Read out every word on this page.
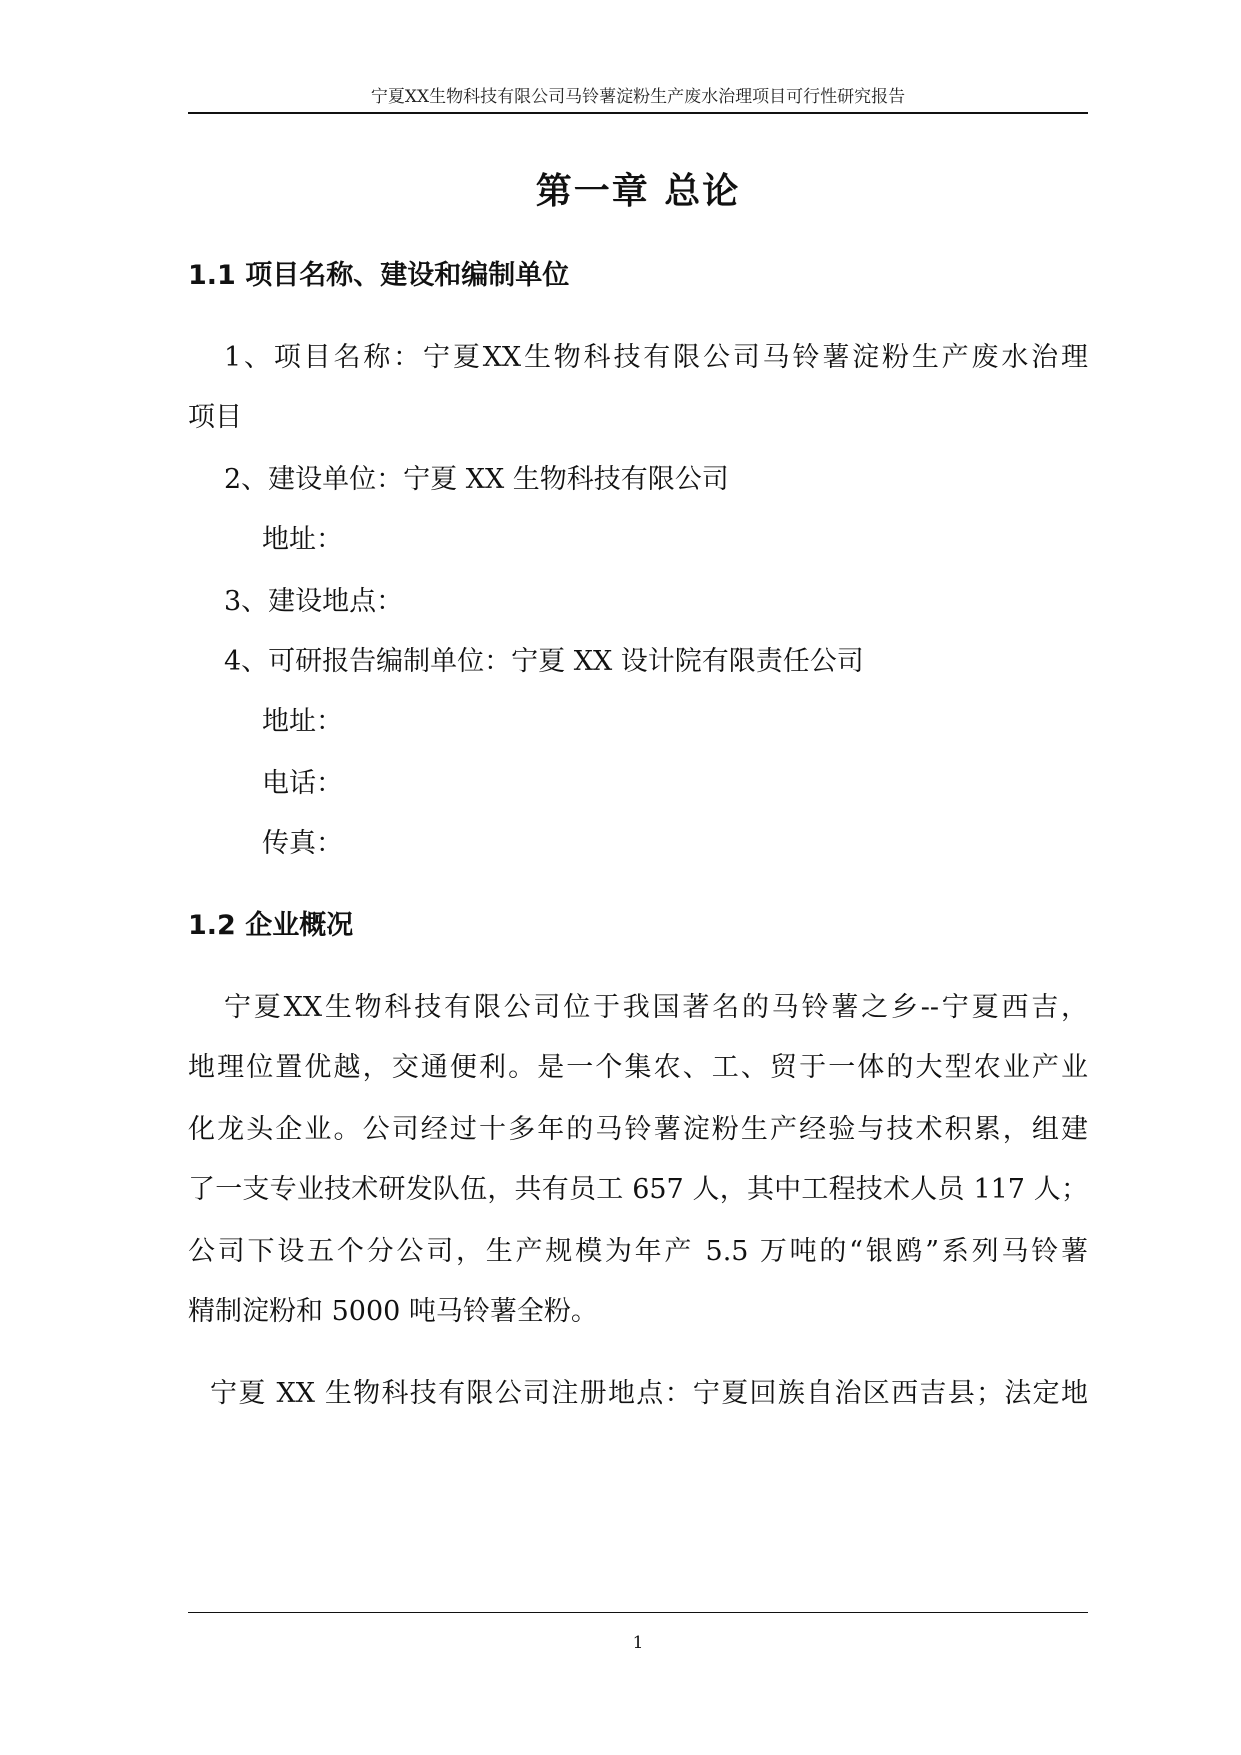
宁夏XX生物科技有限公司马铃薯淀粉生产废水治理项目可行性研究报告
第一章 总论
1.1 项目名称、建设和编制单位
1、项目名称：宁夏XX生物科技有限公司马铃薯淀粉生产废水治理
项目
2、建设单位：宁夏 XX 生物科技有限公司
地址：
3、建设地点：
4、可研报告编制单位：宁夏 XX 设计院有限责任公司
地址：
电话：
传真：
1.2 企业概况
宁夏XX生物科技有限公司位于我国著名的马铃薯之乡--宁夏西吉，
地理位置优越，交通便利。是一个集农、工、贸于一体的大型农业产业
化龙头企业。公司经过十多年的马铃薯淀粉生产经验与技术积累，组建
了一支专业技术研发队伍，共有员工 657 人，其中工程技术人员 117 人；
公司下设五个分公司，生产规模为年产 5.5 万吨的“银鸥”系列马铃薯
精制淀粉和 5000 吨马铃薯全粉。
宁夏 XX 生物科技有限公司注册地点：宁夏回族自治区西吉县；法定地
1
